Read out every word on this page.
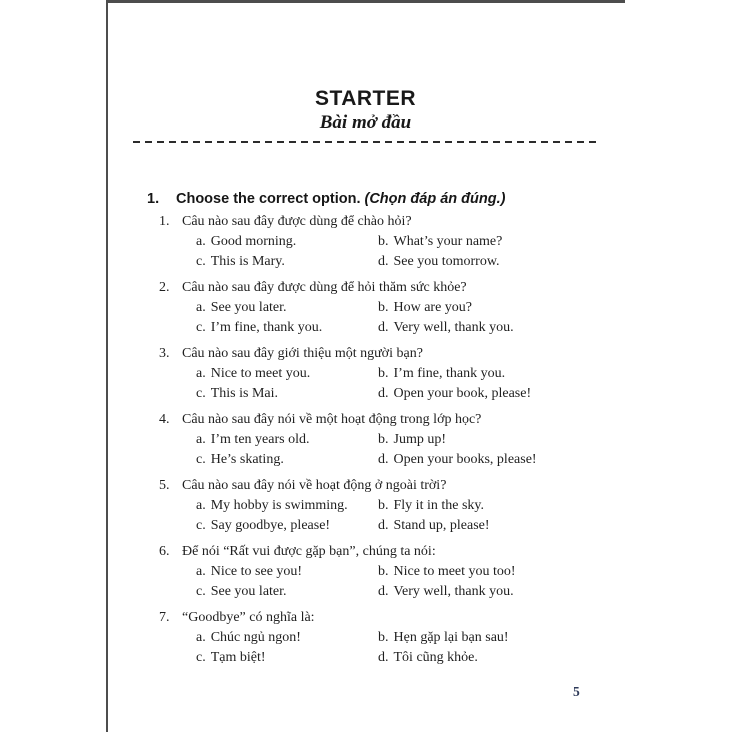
STARTER
Bài mở đầu
1.	Choose the correct option. (Chọn đáp án đúng.)
1. Câu nào sau đây được dùng để chào hỏi?
a. Good morning.	b. What’s your name?
c. This is Mary.	d. See you tomorrow.
2. Câu nào sau đây được dùng để hỏi thăm sức khỏe?
a. See you later.	b. How are you?
c. I’m fine, thank you.	d. Very well, thank you.
3. Câu nào sau đây giới thiệu một người bạn?
a. Nice to meet you.	b. I’m fine, thank you.
c. This is Mai.	d. Open your book, please!
4. Câu nào sau đây nói về một hoạt động trong lớp học?
a. I’m ten years old.	b. Jump up!
c. He’s skating.	d. Open your books, please!
5. Câu nào sau đây nói về hoạt động ở ngoài trời?
a. My hobby is swimming.	b. Fly it in the sky.
c. Say goodbye, please!	d. Stand up, please!
6. Để nói “Rất vui được gặp bạn”, chúng ta nói:
a. Nice to see you!	b. Nice to meet you too!
c. See you later.	d. Very well, thank you.
7. “Goodbye” có nghĩa là:
a. Chúc ngủ ngon!	b. Hẹn gặp lại bạn sau!
c. Tạm biệt!	d. Tôi cũng khỏe.
5
